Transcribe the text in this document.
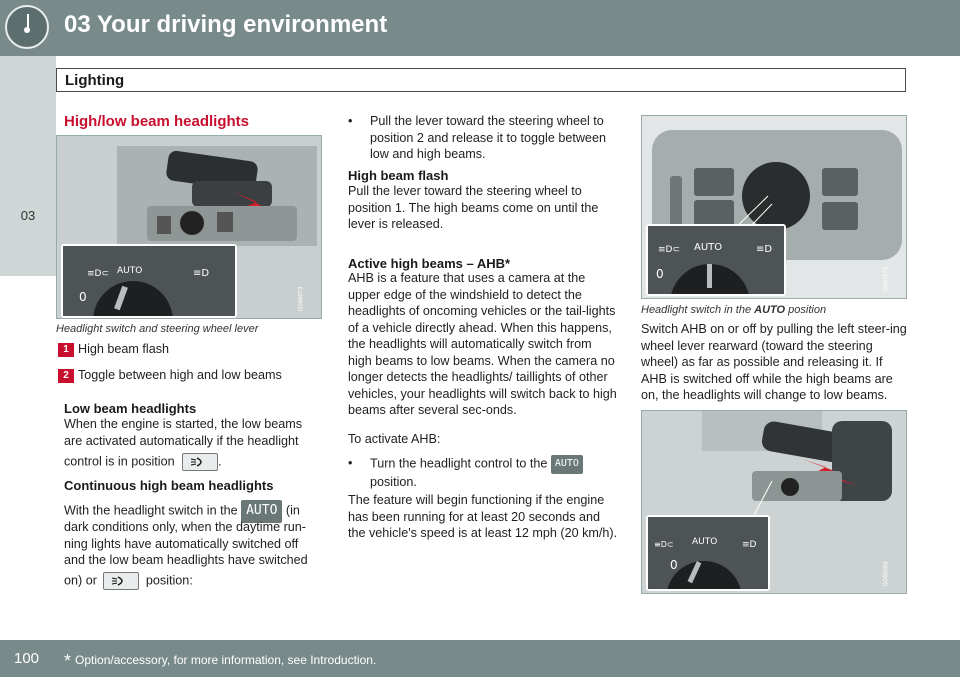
03 Your driving environment
Lighting
03
High/low beam headlights
≡D⊂	≡D
0
AUTO
G046073
Headlight switch and steering wheel lever
1 High beam flash
2 Toggle between high and low beams
Low beam headlights
When the engine is started, the low beams are activated automatically if the headlight
control is in position	.
Continuous high beam headlights
With the headlight switch in the AUTO (in
dark conditions only, when the daytime run-ning lights have automatically switched off and the low beam headlights have switched
on) or	position:
• Pull the lever toward the steering wheel to position 2 and release it to toggle between low and high beams.
High beam flash
Pull the lever toward the steering wheel to position 1. The high beams come on until the lever is released.
Active high beams – AHB*
AHB is a feature that uses a camera at the upper edge of the windshield to detect the headlights of oncoming vehicles or the tail-lights of a vehicle directly ahead. When this happens, the headlights will automatically switch from high beams to low beams. When the camera no longer detects the headlights/ taillights of other vehicles, your headlights will switch back to high beams after several sec-onds.
To activate AHB:
• Turn the headlight control to the AUTO
position.
The feature will begin functioning if the engine has been running for at least 20 seconds and the vehicle's speed is at least 12 mph (20 km/h).
≡D⊂	≡D
0
AUTO
G047673
Headlight switch in the AUTO position
Switch AHB on or off by pulling the left steer-ing wheel lever rearward (toward the steering wheel) as far as possible and releasing it. If AHB is switched off while the high beams are on, the headlights will change to low beams.
≡D⊂	≡D
0
AUTO
G046093
100 * Option/accessory, for more information, see Introduction.
